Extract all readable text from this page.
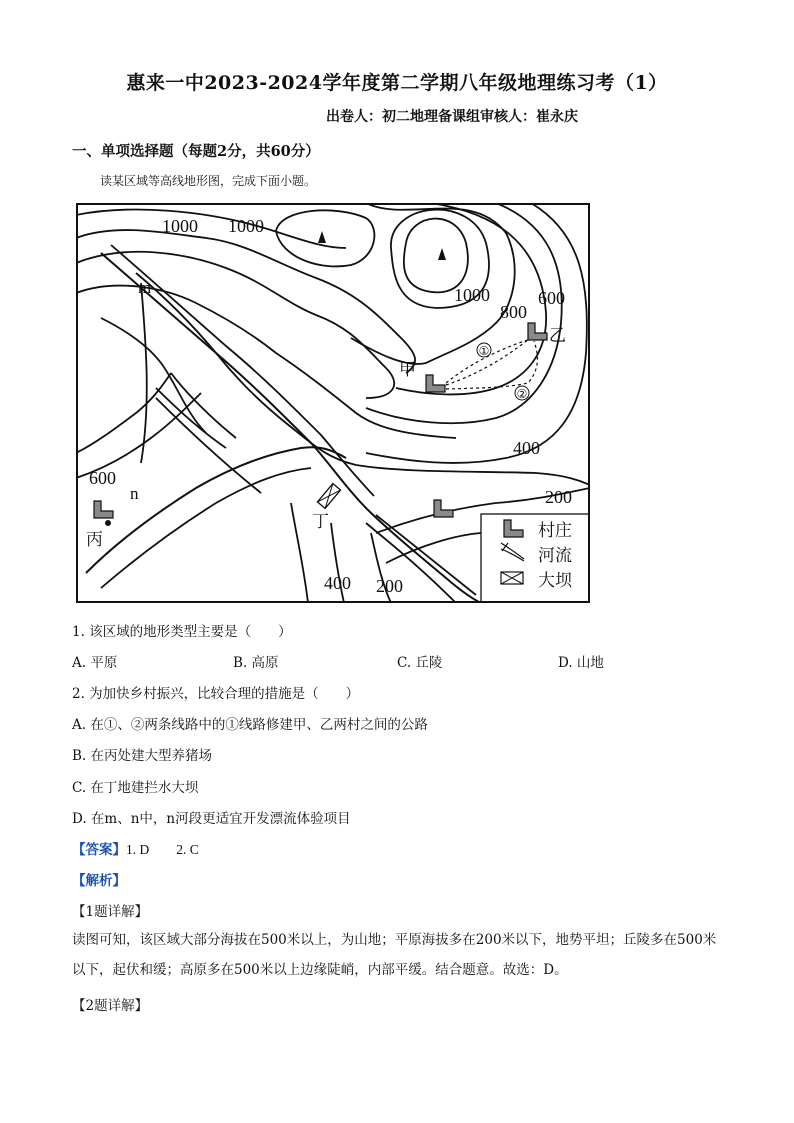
惠来一中2023-2024学年度第二学期八年级地理练习考（1）
出卷人：初二地理备课组审核人：崔永庆
一、单项选择题（每题2分，共60分）
读某区域等高线地形图，完成下面小题。
①
②
1000 1000
1000
800
600
400
600
200
400 200
甲
乙
丙
丁
m
n
村庄
河流
大坝
1. 该区域的地形类型主要是（　　）
A. 平原	B. 高原	C. 丘陵	D. 山地
2. 为加快乡村振兴，比较合理的措施是（　　）
A. 在①、②两条线路中的①线路修建甲、乙两村之间的公路
B. 在丙处建大型养猪场
C. 在丁地建拦水大坝
D. 在m、n中，n河段更适宜开发漂流体验项目
【答案】1. D　　2. C
【解析】
【1题详解】
读图可知，该区域大部分海拔在500米以上，为山地；平原海拔多在200米以下，地势平坦；丘陵多在500米以下，起伏和缓；高原多在500米以上边缘陡峭，内部平缓。结合题意。故选：D。
【2题详解】
